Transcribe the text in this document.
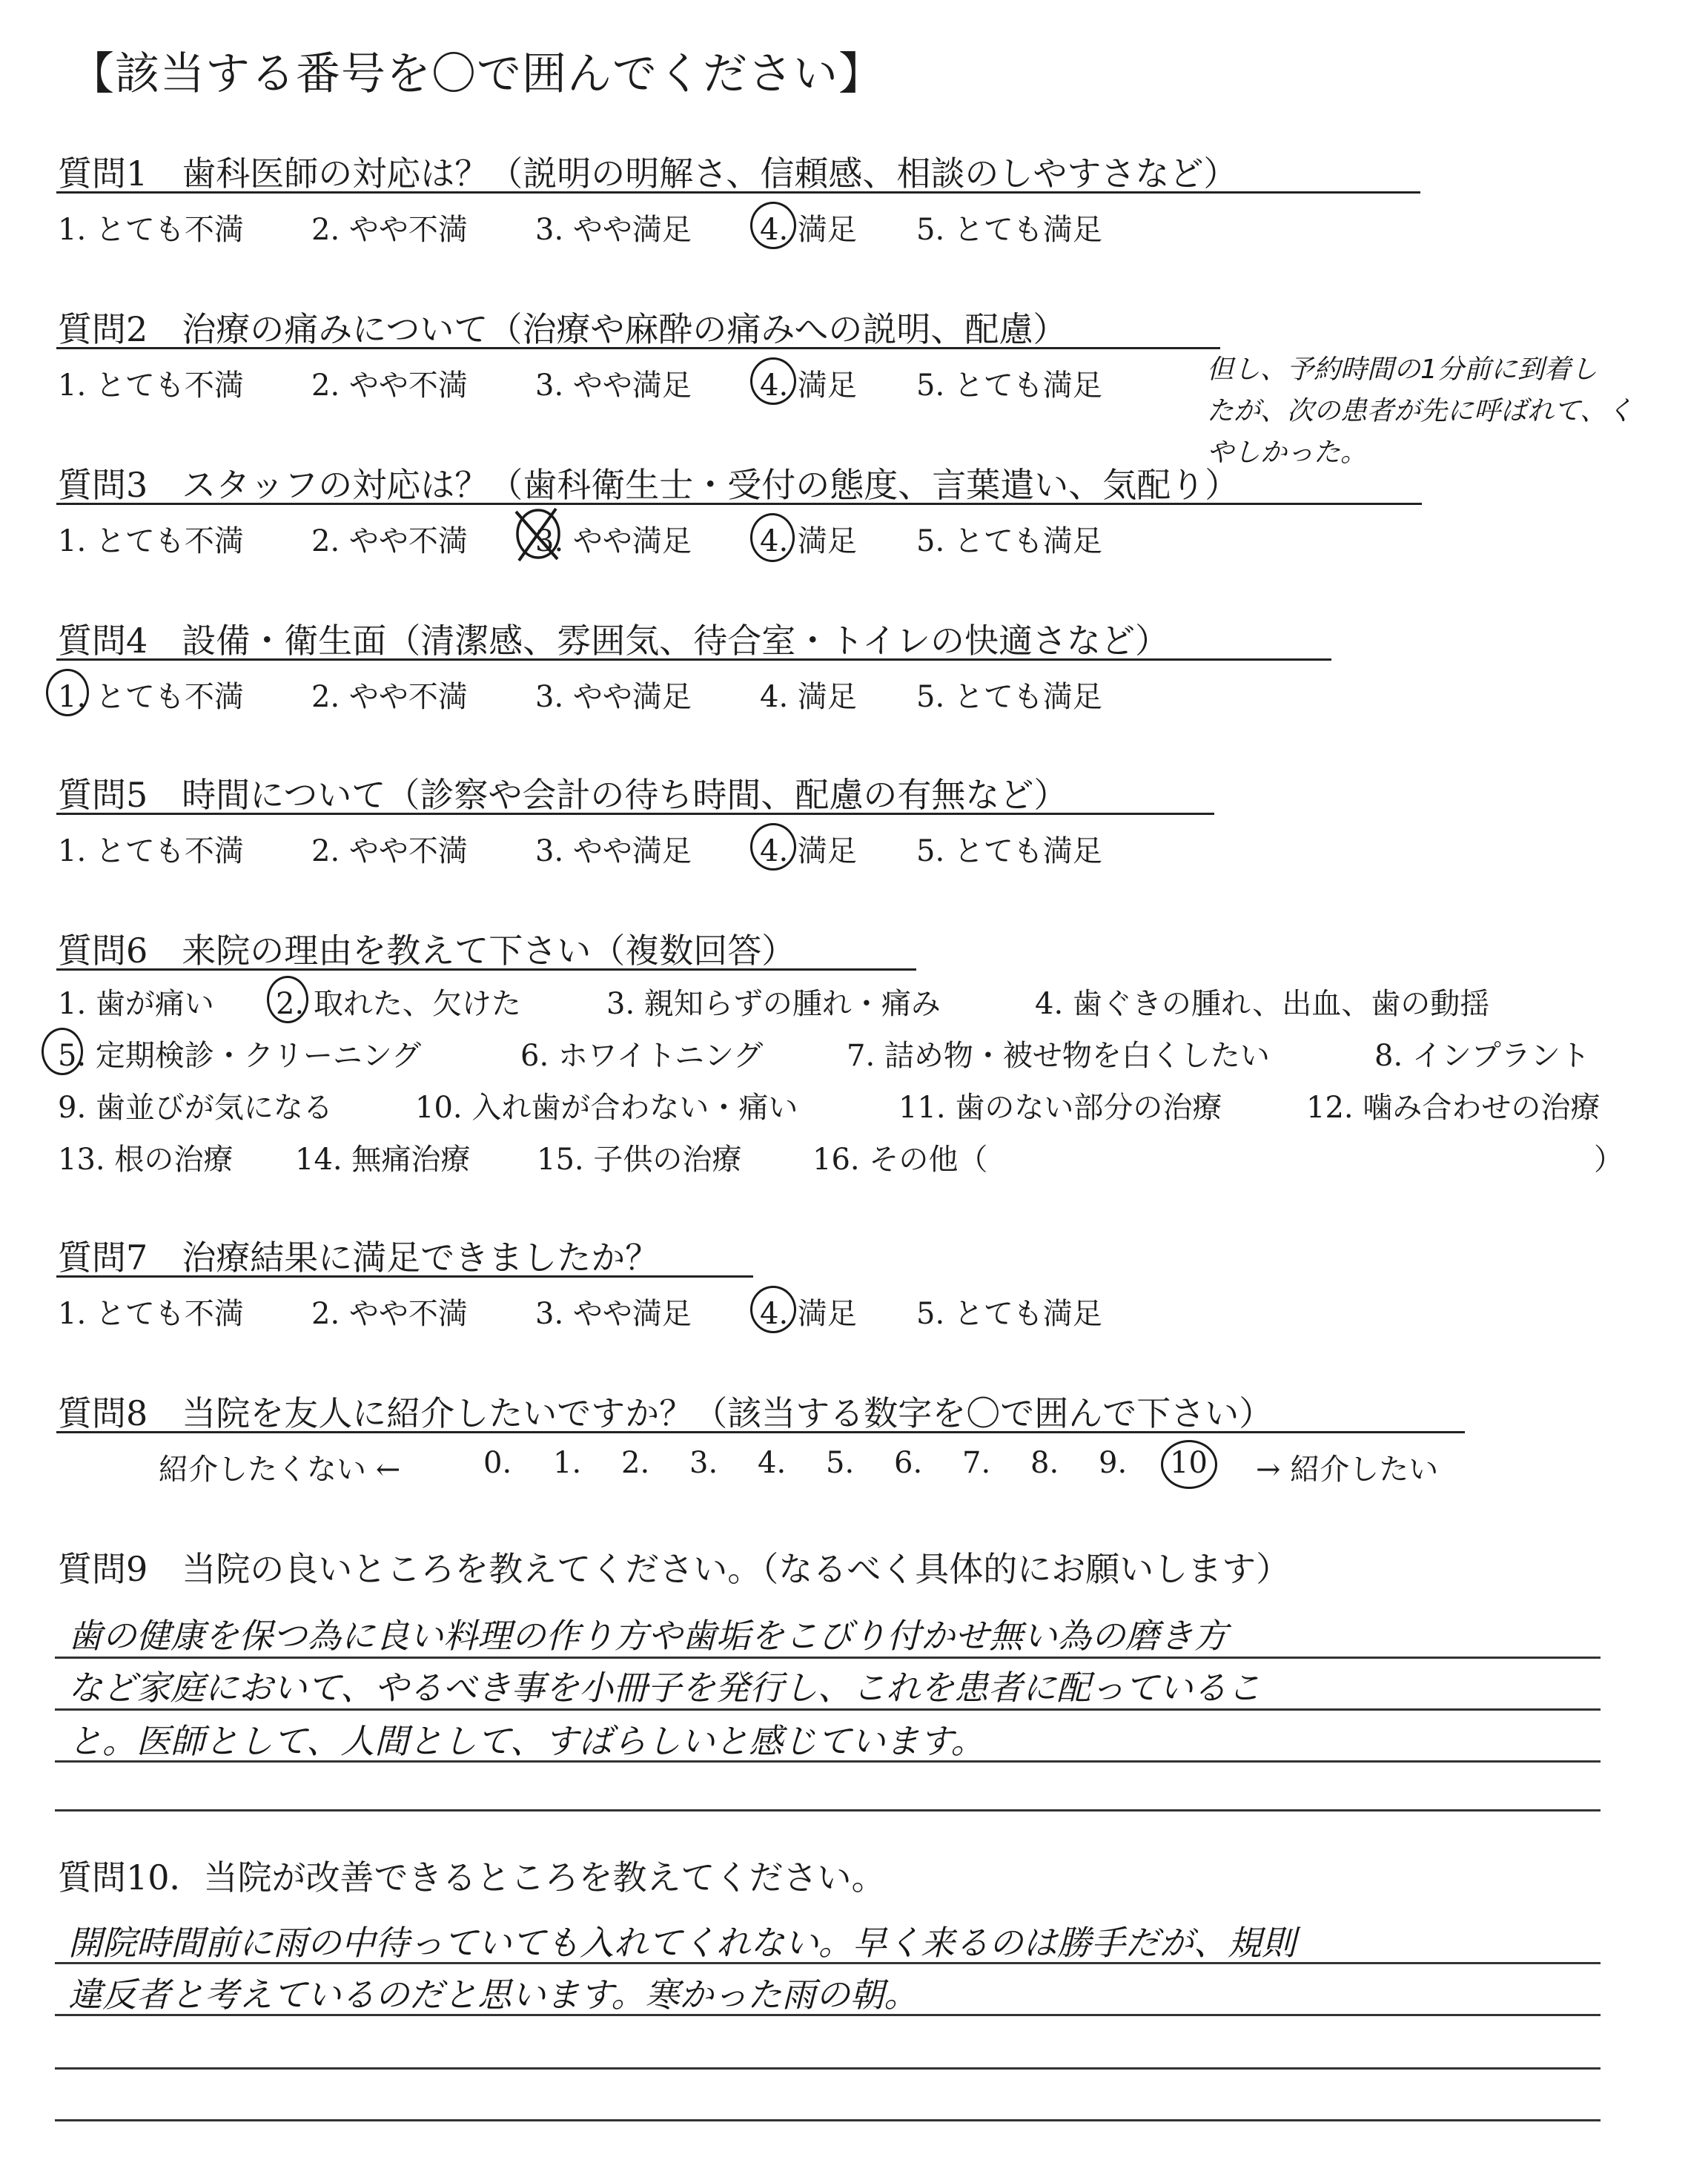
【該当する番号を〇で囲んでください】
質問1　歯科医師の対応は？（説明の明解さ、信頼感、相談のしやすさなど）
1. とても不満 2. やや不満 3. やや満足 4. 満足 5. とても満足
質問2　治療の痛みについて（治療や麻酔の痛みへの説明、配慮）
1. とても不満 2. やや不満 3. やや満足 4. 満足 5. とても満足	但し、予約時間の1分前に到着し
たが、次の患者が先に呼ばれて、く
やしかった。
質問3　スタッフの対応は？（歯科衛生士・受付の態度、言葉遣い、気配り）
1. とても不満 2. やや不満 3. やや満足 4. 満足 5. とても満足
質問4　設備・衛生面（清潔感、雰囲気、待合室・トイレの快適さなど）
1. とても不満 2. やや不満 3. やや満足 4. 満足 5. とても満足
質問5　時間について（診察や会計の待ち時間、配慮の有無など）
1. とても不満 2. やや不満 3. やや満足 4. 満足 5. とても満足
質問6　来院の理由を教えて下さい（複数回答）
1. 歯が痛い 2. 取れた、欠けた	3. 親知らずの腫れ・痛み	4. 歯ぐきの腫れ、出血、歯の動揺
5. 定期検診・クリーニング	6. ホワイトニング	7. 詰め物・被せ物を白くしたい	8. インプラント
9. 歯並びが気になる	10. 入れ歯が合わない・痛い	11. 歯のない部分の治療	12. 噛み合わせの治療
13. 根の治療 14. 無痛治療 15. 子供の治療 16. その他（	）
質問7　治療結果に満足できましたか？
1. とても不満 2. やや不満 3. やや満足 4. 満足 5. とても満足
質問8　当院を友人に紹介したいですか？（該当する数字を〇で囲んで下さい）
紹介したくない ←	0. 1. 2. 3. 4. 5. 6. 7. 8. 9. 10 → 紹介したい
質問9　当院の良いところを教えてください。（なるべく具体的にお願いします）
歯の健康を保つ為に良い料理の作り方や歯垢をこびり付かせ無い為の磨き方
など家庭において、やるべき事を小冊子を発行し、これを患者に配っているこ
と。医師として、人間として、すばらしいと感じています。
質問10．当院が改善できるところを教えてください。
開院時間前に雨の中待っていても入れてくれない。早く来るのは勝手だが、規則
違反者と考えているのだと思います。寒かった雨の朝。
